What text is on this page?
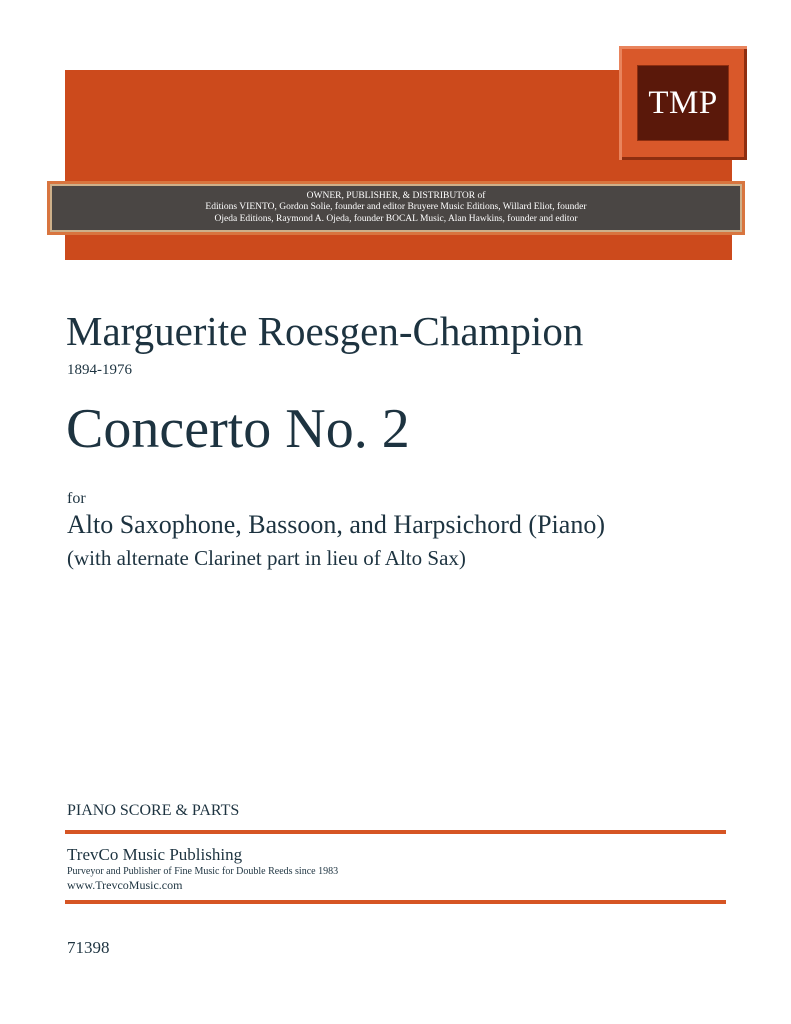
TMP
OWNER, PUBLISHER, & DISTRIBUTOR of
Editions VIENTO, Gordon Solie, founder and editor Bruyere Music Editions, Willard Eliot, founder
Ojeda Editions, Raymond A. Ojeda, founder BOCAL Music, Alan Hawkins, founder and editor
Marguerite Roesgen-Champion
1894-1976
Concerto No. 2
for
Alto Saxophone, Bassoon, and Harpsichord (Piano)
(with alternate Clarinet part in lieu of Alto Sax)
PIANO SCORE & PARTS
TrevCo Music Publishing
Purveyor and Publisher of Fine Music for Double Reeds since 1983
www.TrevcoMusic.com
71398
